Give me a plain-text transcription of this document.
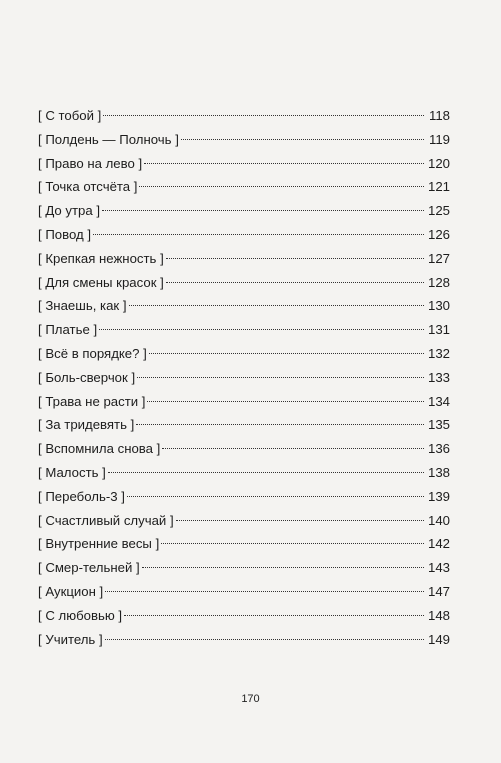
[ С тобой ]	118
[ Полдень — Полночь ]	119
[ Право на лево ]	120
[ Точка отсчёта ]	121
[ До утра ]	125
[ Повод ]	126
[ Крепкая нежность ]	127
[ Для смены красок ]	128
[ Знаешь, как ]	130
[ Платье ]	131
[ Всё в порядке? ]	132
[ Боль-сверчок ]	133
[ Трава не расти ]	134
[ За тридевять ]	135
[ Вспомнила снова ]	136
[ Малость ]	138
[ Переболь-3 ]	139
[ Счастливый случай ]	140
[ Внутренние весы ]	142
[ Смер-тельней ]	143
[ Аукцион ]	147
[ С любовью ]	148
[ Учитель ]	149
170
